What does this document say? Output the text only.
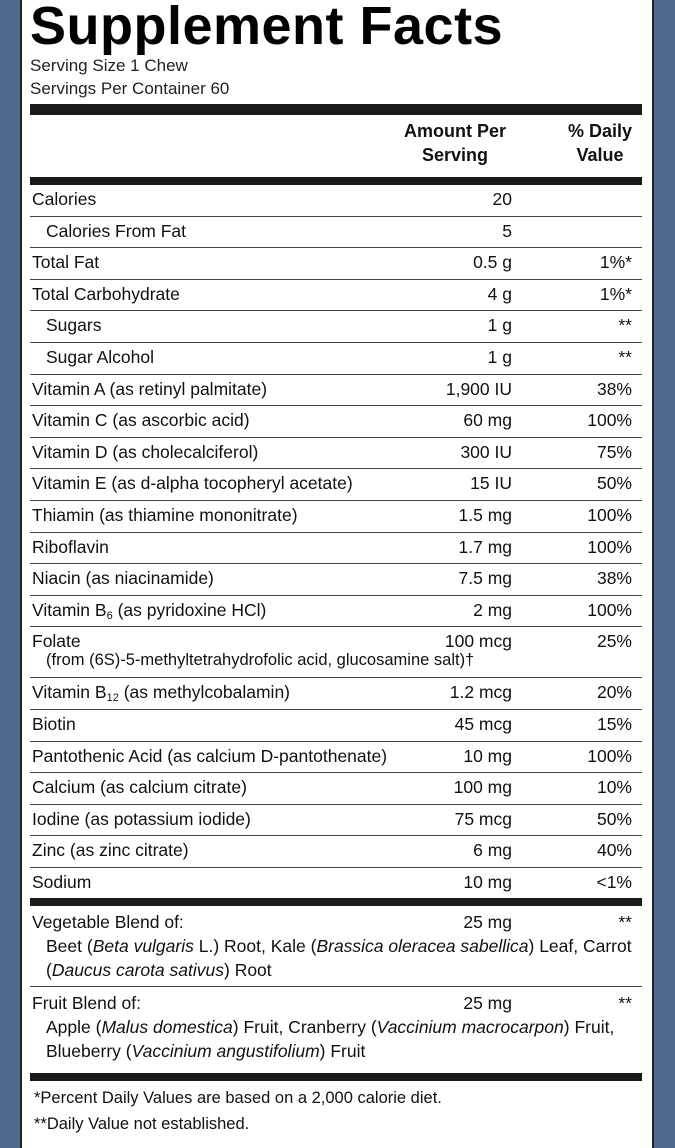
Supplement Facts
Serving Size 1 Chew
Servings Per Container 60
Amount Per
Serving
% Daily
Value
Calories	20
Calories From Fat	5
Total Fat	0.5 g	1%*
Total Carbohydrate	4 g	1%*
Sugars	1 g	**
Sugar Alcohol	1 g	**
Vitamin A (as retinyl palmitate)	1,900 IU	38%
Vitamin C (as ascorbic acid)	60 mg	100%
Vitamin D (as cholecalciferol)	300 IU	75%
Vitamin E (as d-alpha tocopheryl acetate)	15 IU	50%
Thiamin (as thiamine mononitrate)	1.5 mg	100%
Riboflavin	1.7 mg	100%
Niacin (as niacinamide)	7.5 mg	38%
Vitamin $B_6$ (as pyridoxine HCl)	2 mg	100%
Folate	100 mcg	25%
(from (6S)-5-methyltetrahydrofolic acid, glucosamine salt)†
Vitamin $B_{12}$ (as methylcobalamin)	1.2 mcg	20%
Biotin	45 mcg	15%
Pantothenic Acid (as calcium D-pantothenate)	10 mg	100%
Calcium (as calcium citrate)	100 mg	10%
Iodine (as potassium iodide)	75 mcg	50%
Zinc (as zinc citrate)	6 mg	40%
Sodium	10 mg	<1%
Vegetable Blend of:	25 mg	**
Beet (Beta vulgaris L.) Root, Kale (Brassica oleracea sabellica) Leaf, Carrot (Daucus carota sativus) Root
Fruit Blend of:	25 mg	**
Apple (Malus domestica) Fruit, Cranberry (Vaccinium macrocarpon) Fruit, Blueberry (Vaccinium angustifolium) Fruit
*Percent Daily Values are based on a 2,000 calorie diet.
**Daily Value not established.
